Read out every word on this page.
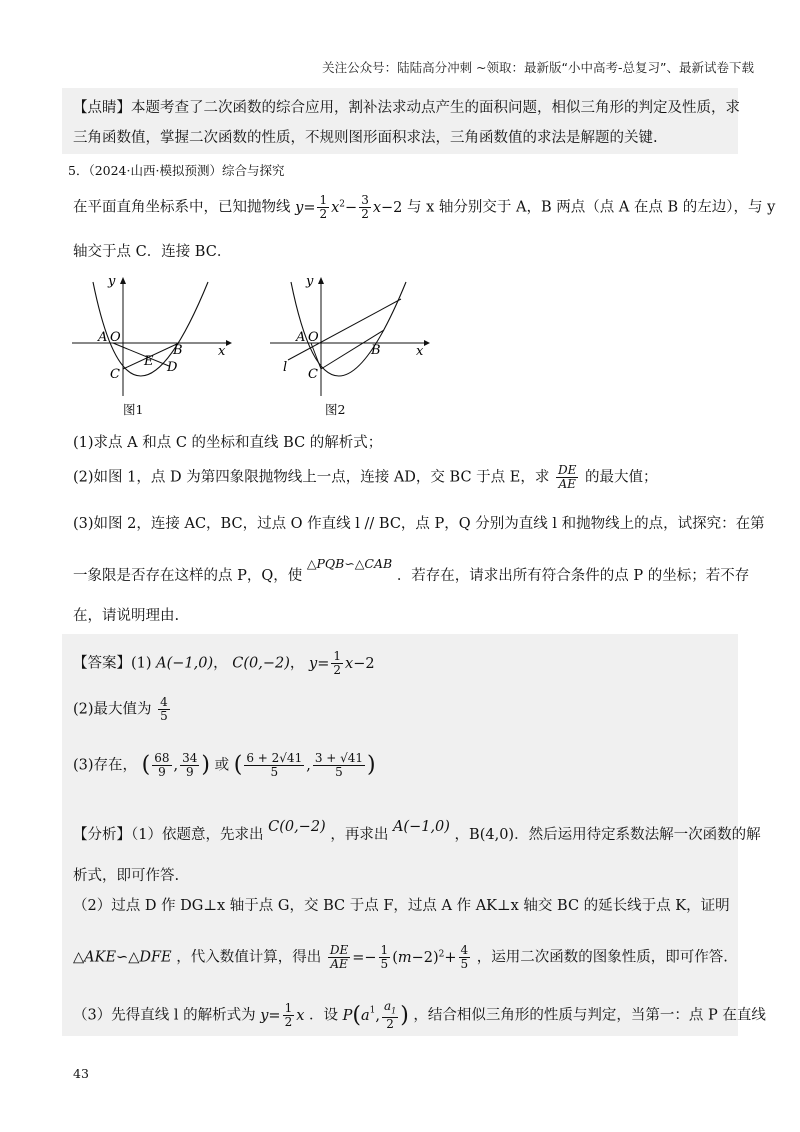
关注公众号：陆陆高分冲刺 ~领取：最新版“小中高考-总复习”、最新试卷下载
【点睛】本题考查了二次函数的综合应用，割补法求动点产生的面积问题，相似三角形的判定及性质，求
三角函数值，掌握二次函数的性质，不规则图形面积求法，三角函数值的求法是解题的关键.
5．（2024·山西·模拟预测）综合与探究
在平面直角坐标系中，已知抛物线 $y= \frac{1}{2} x^2- \frac{3}{2} x-2$ 与 x 轴分别交于 A，B 两点（点 A 在点 B 的左边），与 y
轴交于点 C．连接 BC．
y
x
A O
B
C
E D
图1
y
x
A O
B
C
l
图2
(1)求点 A 和点 C 的坐标和直线 BC 的解析式；
(2)如图 1，点 D 为第四象限抛物线上一点，连接 AD，交 BC 于点 E，求 $\frac{DE}{AE}$ 的最大值；
(3)如图 2，连接 AC，BC，过点 O 作直线 l // BC，点 P，Q 分别为直线 l 和抛物线上的点，试探究：在第
一象限是否存在这样的点 P，Q，使 △PQB∽△CAB ．若存在，请求出所有符合条件的点 P 的坐标；若不存
在，请说明理由.
【答案】(1) A(−1,0)， C(0,−2)， $y= \frac{1}{2} x-2$
(2)最大值为 $\frac{4}{5}$
(3)存在， ( $\frac{68}{9}$ , $\frac{34}{9}$ ) 或 ( $\frac{6 + 2√41}{5}$ , $\frac{3 + √41}{5}$ )
【分析】（1）依题意，先求出 C(0,−2) ，再求出 A(−1,0) ，B(4,0)．然后运用待定系数法解一次函数的解
析式，即可作答.
（2）过点 D 作 DG⊥x 轴于点 G，交 BC 于点 F，过点 A 作 AK⊥x 轴交 BC 的延长线于点 K，证明
△AKE∽△DFE ，代入数值计算，得出 $\frac{DE}{AE} =- \frac{1}{5} (m-2)^2+ \frac{4}{5}$ ，运用二次函数的图象性质，即可作答.
（3）先得直线 l 的解析式为 $y= \frac{1}{2}$ x ．设 $P(a^1$, $\frac{a_1}{2}$ ) ，结合相似三角形的性质与判定，当第一：点 P 在直线
43
